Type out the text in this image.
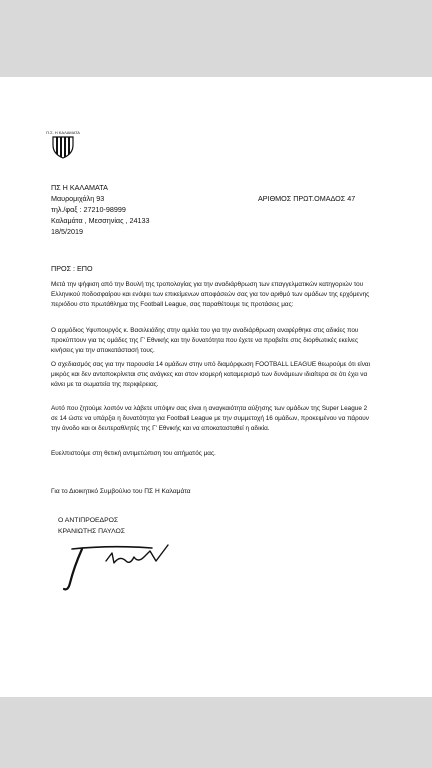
Π.Σ. Η ΚΑΛΑΜΑΤΑ
ΠΣ Η ΚΑΛΑΜΑΤΑ
Μαυρομιχάλη 93
τηλ./φαξ : 27210-98999
Καλαμάτα , Μεσσηνίας , 24133
18/5/2019
ΑΡΙΘΜΟΣ ΠΡΩΤ.ΟΜΑΔΟΣ 47
ΠΡΟΣ : ΕΠΟ
Μετά την ψήφιση από την Βουλή της τροπολογίας για την αναδιάρθρωση των επαγγελματικών κατηγοριών του Ελληνικού ποδοσφαίρου και ενόψει των επικείμενων αποφάσεών σας για τον αριθμό των ομάδων της ερχόμενης περιόδου στο πρωτάθλημα της Football League, σας παραθέτουμε τις προτάσεις μας:
Ο αρμόδιος Υφυπουργός κ. Βασιλειάδης στην ομιλία του για την αναδιάρθρωση αναφέρθηκε στις αδικίες που προκύπτουν για τις ομάδες της Γ' Εθνικής και την δυνατότητα που έχετε να προβείτε στις διορθωτικές εκείνες κινήσεις για την αποκατάστασή τους.
Ο σχεδιασμός σας για την παρουσία 14 ομάδων στην υπό διαμόρφωση FOOTBALL LEAGUE θεωρούμε ότι είναι μικρός και δεν ανταποκρίνεται στις ανάγκες και στον ισομερή καταμερισμό των δυνάμεων ιδιαίτερα σε ότι έχει να κάνει με τα σωματεία της περιφέρειας.
Αυτό που ζητούμε λοιπόν να λάβετε υπόψιν σας είναι η αναγκαιότητα αύξησης των ομάδων της Super League 2 σε 14 ώστε να υπάρξει η δυνατότητα για Football League με την συμμετοχή 16 ομάδων, προκειμένου να πάρουν την άνοδο και οι δευτεραθλητές της Γ' Εθνικής και να αποκατασταθεί η αδικία.
Ευελπιστούμε στη θετική αντιμετώπιση του αιτήματός μας.
Για το Διοικητικό Συμβούλιο του ΠΣ Η Καλαμάτα
Ο ΑΝΤΙΠΡΟΕΔΡΟΣ
ΚΡΑΝΙΩΤΗΣ ΠΑΥΛΟΣ
